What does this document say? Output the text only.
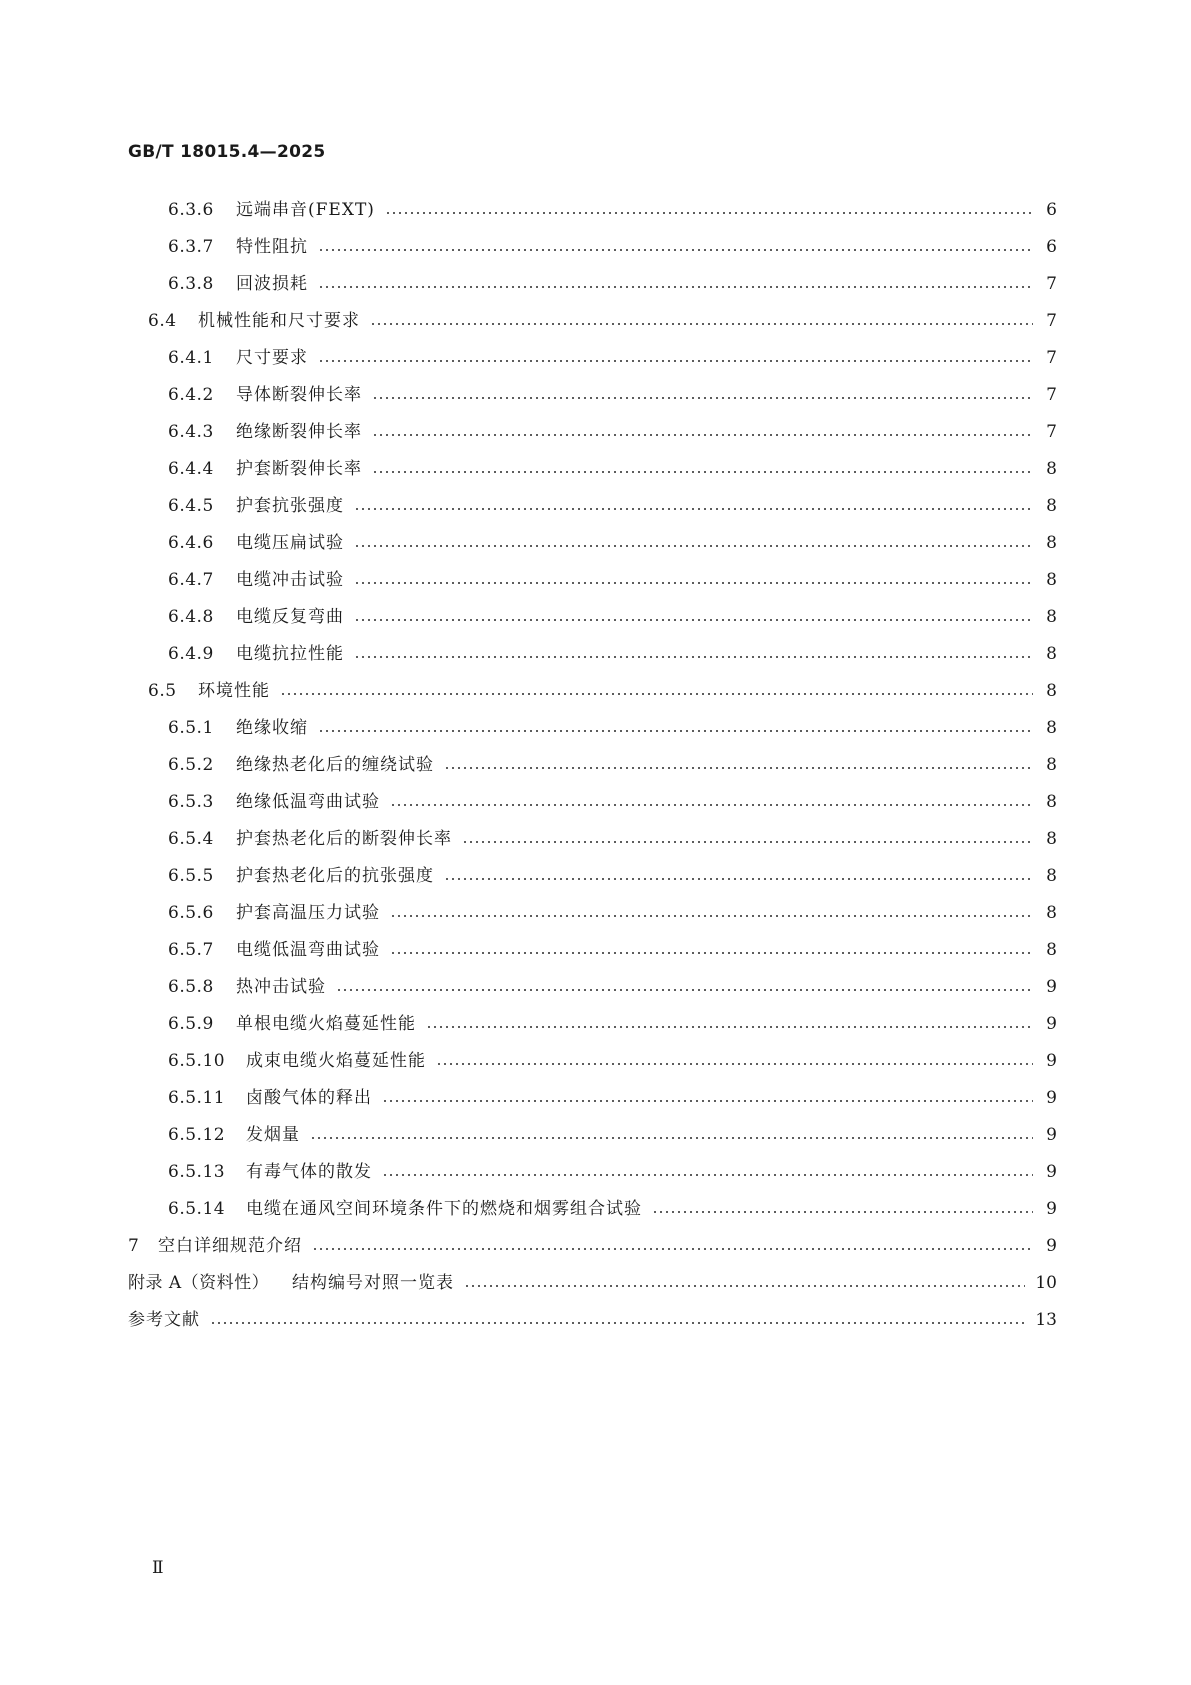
GB/T 18015.4—2025
6.3.6	远端串音(FEXT)	6
6.3.7	特性阻抗	6
6.3.8	回波损耗	7
6.4	机械性能和尺寸要求	7
6.4.1	尺寸要求	7
6.4.2	导体断裂伸长率	7
6.4.3	绝缘断裂伸长率	7
6.4.4	护套断裂伸长率	8
6.4.5	护套抗张强度	8
6.4.6	电缆压扁试验	8
6.4.7	电缆冲击试验	8
6.4.8	电缆反复弯曲	8
6.4.9	电缆抗拉性能	8
6.5	环境性能	8
6.5.1	绝缘收缩	8
6.5.2	绝缘热老化后的缠绕试验	8
6.5.3	绝缘低温弯曲试验	8
6.5.4	护套热老化后的断裂伸长率	8
6.5.5	护套热老化后的抗张强度	8
6.5.6	护套高温压力试验	8
6.5.7	电缆低温弯曲试验	8
6.5.8	热冲击试验	9
6.5.9	单根电缆火焰蔓延性能	9
6.5.10	成束电缆火焰蔓延性能	9
6.5.11	卤酸气体的释出	9
6.5.12	发烟量	9
6.5.13	有毒气体的散发	9
6.5.14	电缆在通风空间环境条件下的燃烧和烟雾组合试验	9
7	空白详细规范介绍	9
附录 A（资料性）	结构编号对照一览表	10
参考文献	13
Ⅱ
